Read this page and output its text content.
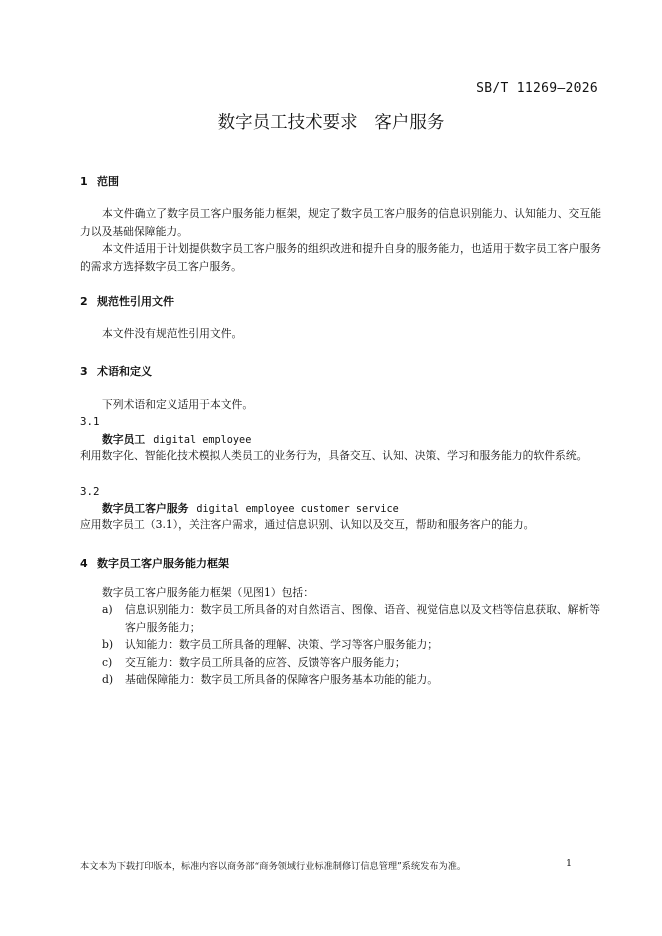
SB/T 11269—2026
数字员工技术要求   客户服务
1 范围
本文件确立了数字员工客户服务能力框架，规定了数字员工客户服务的信息识别能力、认知能力、交互能力以及基础保障能力。
本文件适用于计划提供数字员工客户服务的组织改进和提升自身的服务能力，也适用于数字员工客户服务的需求方选择数字员工客户服务。
2 规范性引用文件
本文件没有规范性引用文件。
3 术语和定义
下列术语和定义适用于本文件。
3.1
数字员工 digital employee
利用数字化、智能化技术模拟人类员工的业务行为，具备交互、认知、决策、学习和服务能力的软件系统。
3.2
数字员工客户服务 digital employee customer service
应用数字员工（3.1），关注客户需求，通过信息识别、认知以及交互，帮助和服务客户的能力。
4 数字员工客户服务能力框架
数字员工客户服务能力框架（见图1）包括：
a) 信息识别能力：数字员工所具备的对自然语言、图像、语音、视觉信息以及文档等信息获取、解析等客户服务能力；
b) 认知能力：数字员工所具备的理解、决策、学习等客户服务能力；
c) 交互能力：数字员工所具备的应答、反馈等客户服务能力；
d) 基础保障能力：数字员工所具备的保障客户服务基本功能的能力。
本文本为下载打印版本，标准内容以商务部“商务领域行业标准制修订信息管理”系统发布为准。	1
